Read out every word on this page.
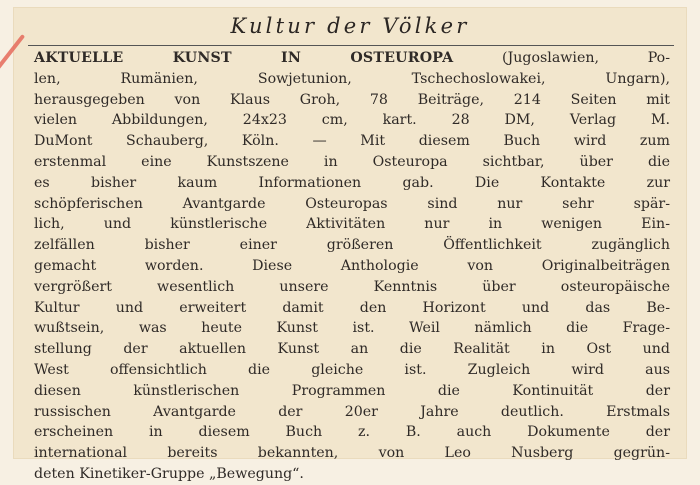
Kultur der Völker
AKTUELLE KUNST IN OSTEUROPA	(Jugoslawien, Po-
len, Rumänien, Sowjetunion, Tschechoslowakei, Ungarn),
herausgegeben von Klaus Groh, 78 Beiträge, 214 Seiten mit
vielen Abbildungen, 24x23 cm, kart. 28 DM, Verlag M.
DuMont Schauberg, Köln. — Mit diesem Buch wird zum
erstenmal eine Kunstszene in Osteuropa sichtbar, über die
es bisher kaum Informationen gab. Die Kontakte zur
schöpferischen Avantgarde Osteuropas sind nur sehr spär-
lich, und künstlerische Aktivitäten nur in wenigen Ein-
zelfällen bisher einer größeren Öffentlichkeit zugänglich
gemacht worden. Diese Anthologie von Originalbeiträgen
vergrößert wesentlich unsere Kenntnis über osteuropäische
Kultur und erweitert damit den Horizont und das Be-
wußtsein, was heute Kunst ist. Weil nämlich die Frage-
stellung der aktuellen Kunst an die Realität in Ost und
West offensichtlich die gleiche ist. Zugleich wird aus
diesen künstlerischen Programmen die Kontinuität der
russischen Avantgarde der 20er Jahre deutlich. Erstmals
erscheinen in diesem Buch z. B. auch Dokumente der
international bereits bekannten, von Leo Nusberg gegrün-
deten Kinetiker-Gruppe „Bewegung“.
